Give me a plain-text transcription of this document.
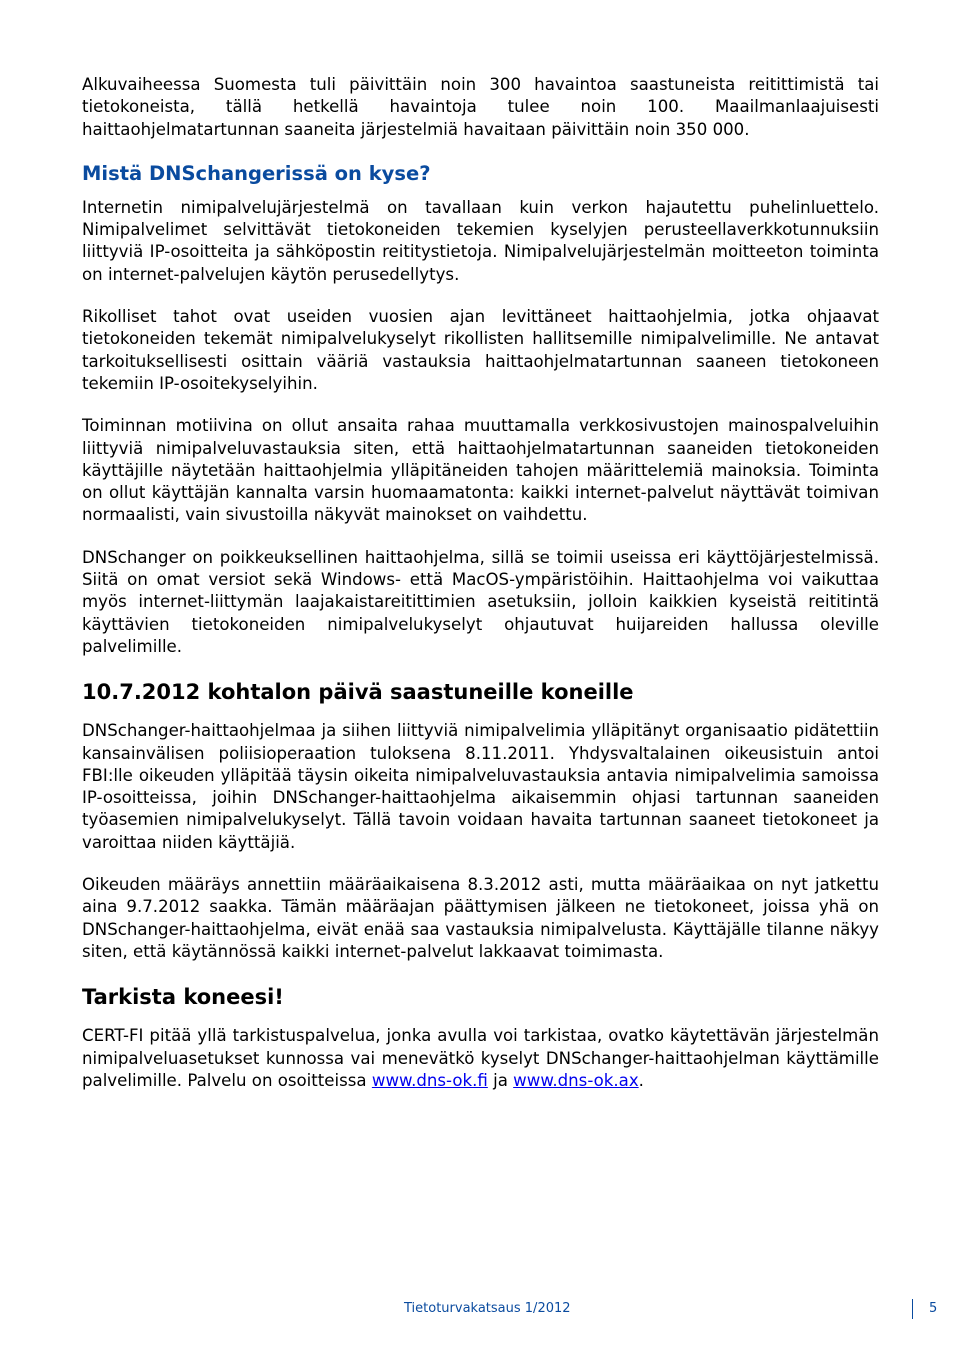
Alkuvaiheessa Suomesta tuli päivittäin noin 300 havaintoa saastuneista reitittimistä tai tietokoneista, tällä hetkellä havaintoja tulee noin 100. Maailmanlaajuisesti haittaohjelmatartunnan saaneita järjestelmiä havaitaan päivittäin noin 350 000.

Mistä DNSchangerissä on kyse?

Internetin nimipalvelujärjestelmä on tavallaan kuin verkon hajautettu puhelinluettelo. Nimipalvelimet selvittävät tietokoneiden tekemien kyselyjen perusteellaverkkotunnuksiin liittyviä IP-osoitteita ja sähköpostin reititystietoja. Nimipalvelujärjestelmän moitteeton toiminta on internet-palvelujen käytön perusedellytys.

Rikolliset tahot ovat useiden vuosien ajan levittäneet haittaohjelmia, jotka ohjaavat tietokoneiden tekemät nimipalvelukyselyt rikollisten hallitsemille nimipalvelimille. Ne antavat tarkoituksellisesti osittain vääriä vastauksia haittaohjelmatartunnan saaneen tietokoneen tekemiin IP-osoitekyselyihin.

Toiminnan motiivina on ollut ansaita rahaa muuttamalla verkkosivustojen mainospalveluihin liittyviä nimipalveluvastauksia siten, että haittaohjelmatartunnan saaneiden tietokoneiden käyttäjille näytetään haittaohjelmia ylläpitäneiden tahojen määrittelemiä mainoksia. Toiminta on ollut käyttäjän kannalta varsin huomaamatonta: kaikki internet-palvelut näyttävät toimivan normaalisti, vain sivustoilla näkyvät mainokset on vaihdettu.

DNSchanger on poikkeuksellinen haittaohjelma, sillä se toimii useissa eri käyttöjärjestelmissä. Siitä on omat versiot sekä Windows- että MacOS-ympäristöihin. Haittaohjelma voi vaikuttaa myös internet-liittymän laajakaistareitittimien asetuksiin, jolloin kaikkien kyseistä reititintä käyttävien tietokoneiden nimipalvelukyselyt ohjautuvat huijareiden hallussa oleville palvelimille.

10.7.2012 kohtalon päivä saastuneille koneille

DNSchanger-haittaohjelmaa ja siihen liittyviä nimipalvelimia ylläpitänyt organisaatio pidätettiin kansainvälisen poliisioperaation tuloksena 8.11.2011. Yhdysvaltalainen oikeusistuin antoi FBI:lle oikeuden ylläpitää täysin oikeita nimipalveluvastauksia antavia nimipalvelimia samoissa IP-osoitteissa, joihin DNSchanger-haittaohjelma aikaisemmin ohjasi tartunnan saaneiden työasemien nimipalvelukyselyt. Tällä tavoin voidaan havaita tartunnan saaneet tietokoneet ja varoittaa niiden käyttäjiä.

Oikeuden määräys annettiin määräaikaisena 8.3.2012 asti, mutta määräaikaa on nyt jatkettu aina 9.7.2012 saakka. Tämän määräajan päättymisen jälkeen ne tietokoneet, joissa yhä on DNSchanger-haittaohjelma, eivät enää saa vastauksia nimipalvelusta. Käyttäjälle tilanne näkyy siten, että käytännössä kaikki internet-palvelut lakkaavat toimimasta.

Tarkista koneesi!

CERT-FI pitää yllä tarkistuspalvelua, jonka avulla voi tarkistaa, ovatko käytettävän järjestelmän nimipalveluasetukset kunnossa vai menevätkö kyselyt DNSchanger-haittaohjelman käyttämille palvelimille. Palvelu on osoitteissa www.dns-ok.fi ja www.dns-ok.ax.

Tietoturvakatsaus 1/2012	5
